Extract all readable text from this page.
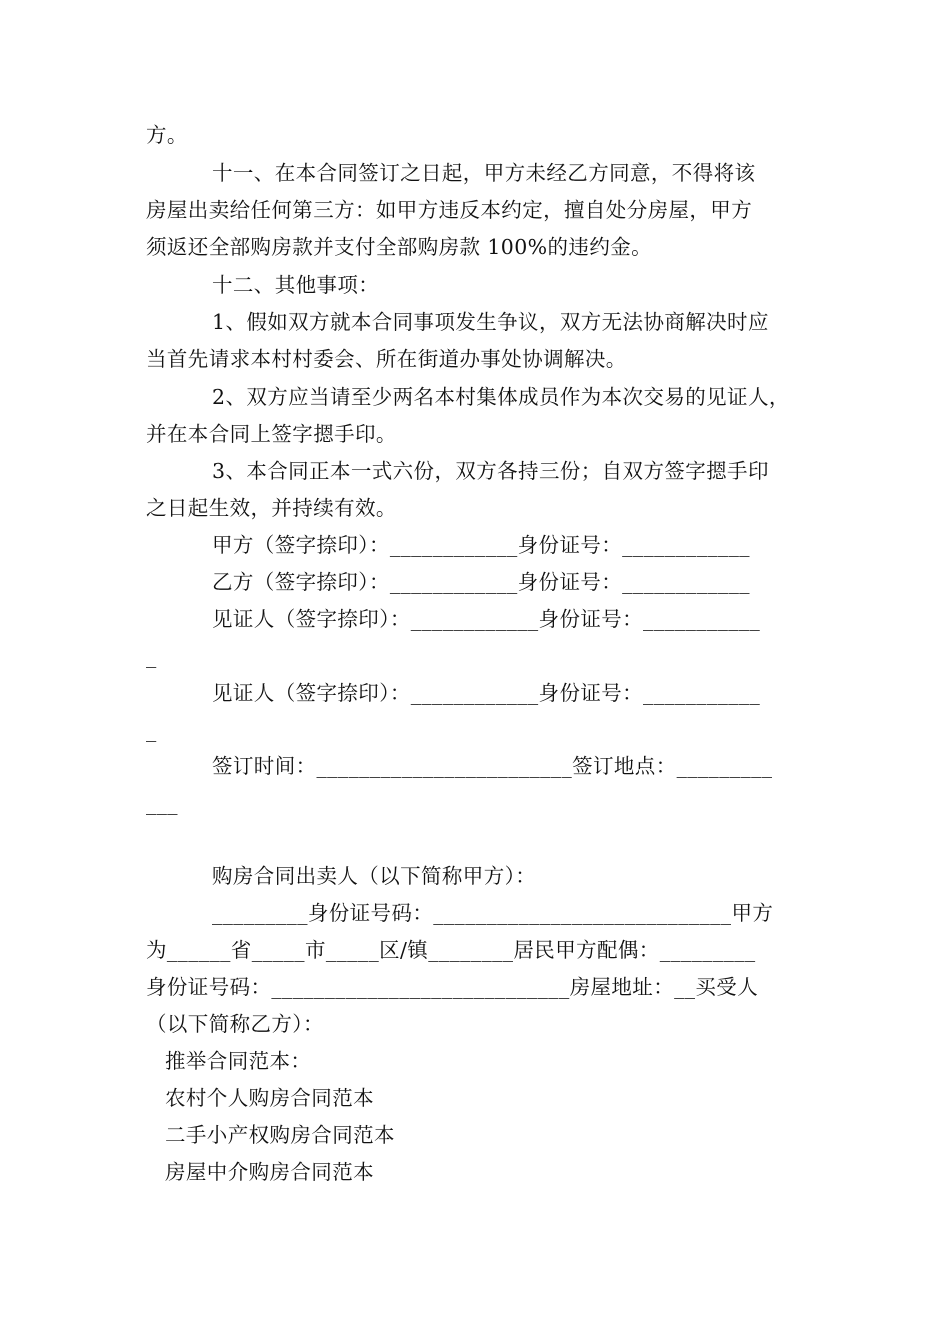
方。
十一、在本合同签订之日起，甲方未经乙方同意，不得将该
房屋出卖给任何第三方：如甲方违反本约定，擅自处分房屋，甲方
须返还全部购房款并支付全部购房款 100%的违约金。
十二、其他事项：
1、假如双方就本合同事项发生争议，双方无法协商解决时应
当首先请求本村村委会、所在街道办事处协调解决。
2、双方应当请至少两名本村集体成员作为本次交易的见证人，
并在本合同上签字摁手印。
3、本合同正本一式六份，双方各持三份；自双方签字摁手印
之日起生效，并持续有效。
甲方（签字捺印）：____________身份证号：____________
乙方（签字捺印）：____________身份证号：____________
见证人（签字捺印）：____________身份证号：___________
_
见证人（签字捺印）：____________身份证号：___________
_
签订时间：________________________签订地点：_________
___
购房合同出卖人（以下简称甲方）：
_________身份证号码：____________________________甲方
为______省_____市_____区/镇________居民甲方配偶：_________
身份证号码：____________________________房屋地址：__买受人
（以下简称乙方）：
推举合同范本：
农村个人购房合同范本
二手小产权购房合同范本
房屋中介购房合同范本
